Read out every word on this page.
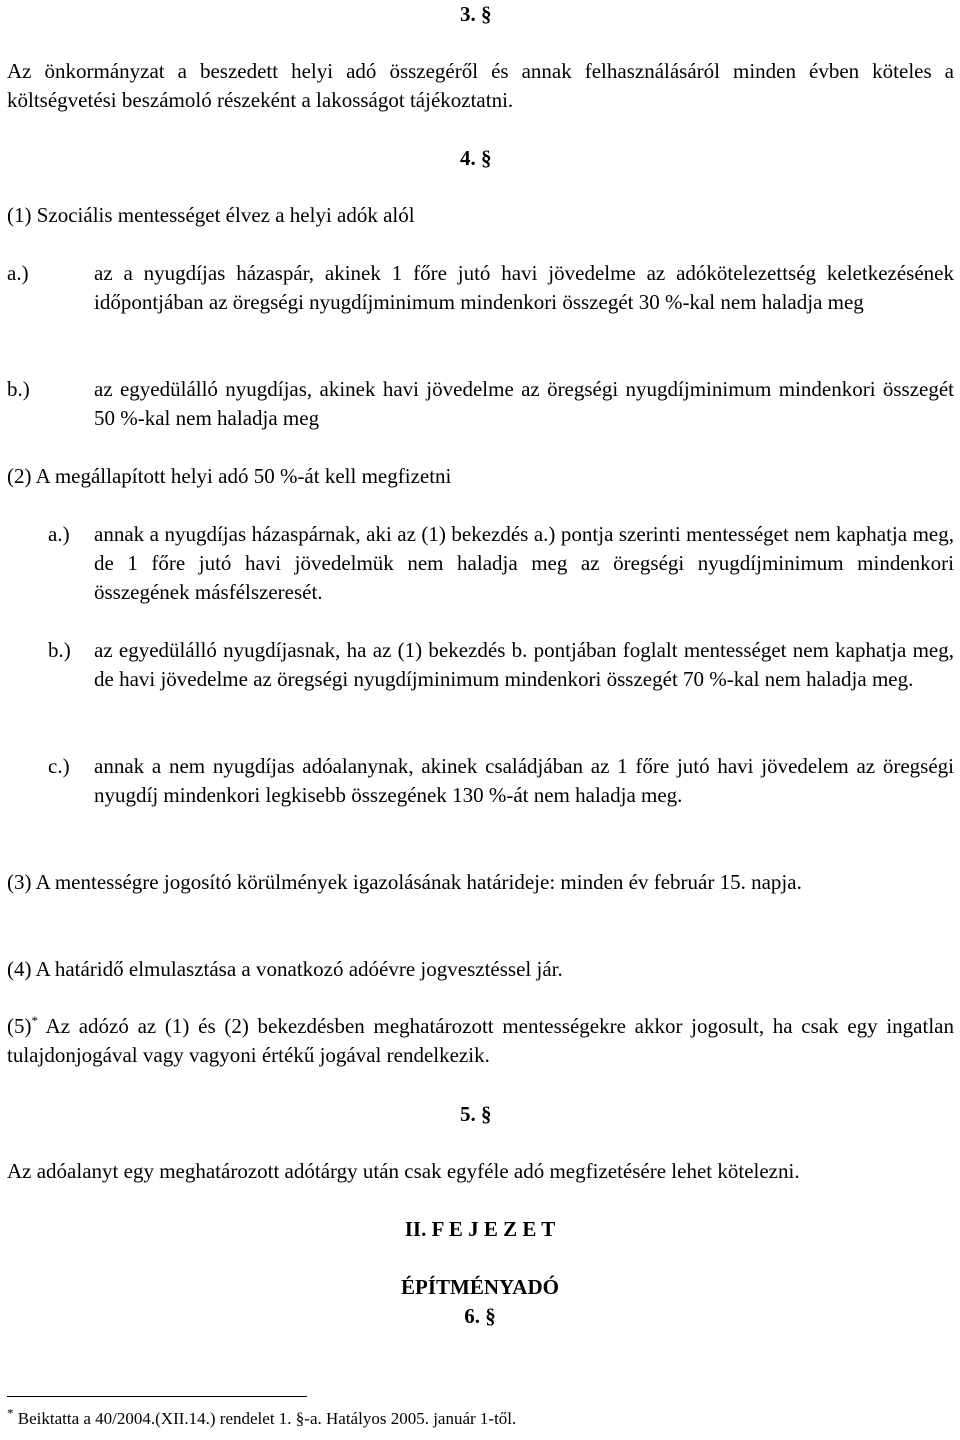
3. §
Az önkormányzat a beszedett helyi adó összegéről és annak felhasználásáról minden évben köteles a költségvetési beszámoló részeként a lakosságot tájékoztatni.
4. §
(1) Szociális mentességet élvez a helyi adók alól
a.)	az a nyugdíjas házaspár, akinek 1 főre jutó havi jövedelme az adókötelezettség keletkezésének időpontjában az öregségi nyugdíjminimum mindenkori összegét 30 %-kal nem haladja meg
b.)	az egyedülálló nyugdíjas, akinek havi jövedelme az öregségi nyugdíjminimum mindenkori összegét 50 %-kal nem haladja meg
(2) A megállapított helyi adó 50 %-át kell megfizetni
a.) annak a nyugdíjas házaspárnak, aki az (1) bekezdés a.) pontja szerinti mentességet nem kaphatja meg, de 1 főre jutó havi jövedelmük nem haladja meg az öregségi nyugdíjminimum mindenkori összegének másfélszeresét.
b.) az egyedülálló nyugdíjasnak, ha az (1) bekezdés b. pontjában foglalt mentességet nem kaphatja meg, de havi jövedelme az öregségi nyugdíjminimum mindenkori összegét 70 %-kal nem haladja meg.
c.) annak a nem nyugdíjas adóalanynak, akinek családjában az 1 főre jutó havi jövedelem az öregségi nyugdíj mindenkori legkisebb összegének 130 %-át nem haladja meg.
(3) A mentességre jogosító körülmények igazolásának határideje: minden év február 15. napja.
(4) A határidő elmulasztása a vonatkozó adóévre jogvesztéssel jár.
(5)* Az adózó az (1) és (2) bekezdésben meghatározott mentességekre akkor jogosult, ha csak egy ingatlan tulajdonjogával vagy vagyoni értékű jogával rendelkezik.
5. §
Az adóalanyt egy meghatározott adótárgy után csak egyféle adó megfizetésére lehet kötelezni.
II. F E J E Z E T
ÉPÍTMÉNYADÓ
6. §
* Beiktatta a 40/2004.(XII.14.) rendelet 1. §-a. Hatályos 2005. január 1-től.
